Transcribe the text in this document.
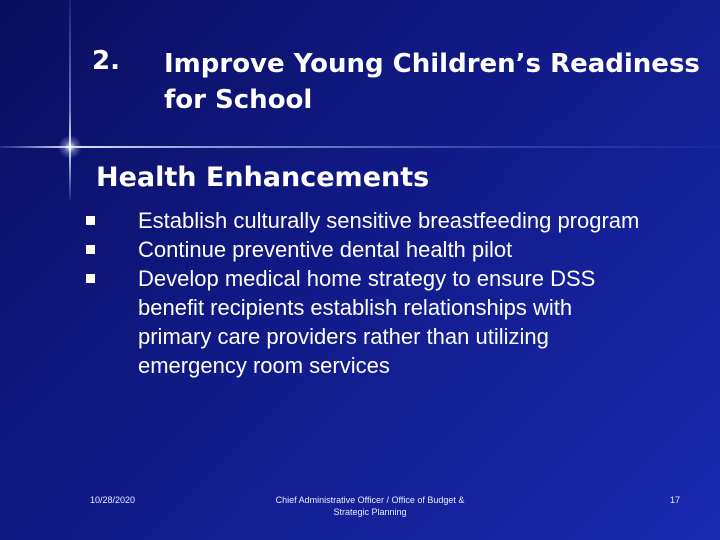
2. Improve Young Children’s Readiness for School
Health Enhancements
Establish culturally sensitive breastfeeding program
Continue preventive dental health pilot
Develop medical home strategy to ensure DSS benefit recipients establish relationships with primary care providers rather than utilizing emergency room services
10/28/2020	Chief Administrative Officer / Office of Budget &
Strategic Planning
17
